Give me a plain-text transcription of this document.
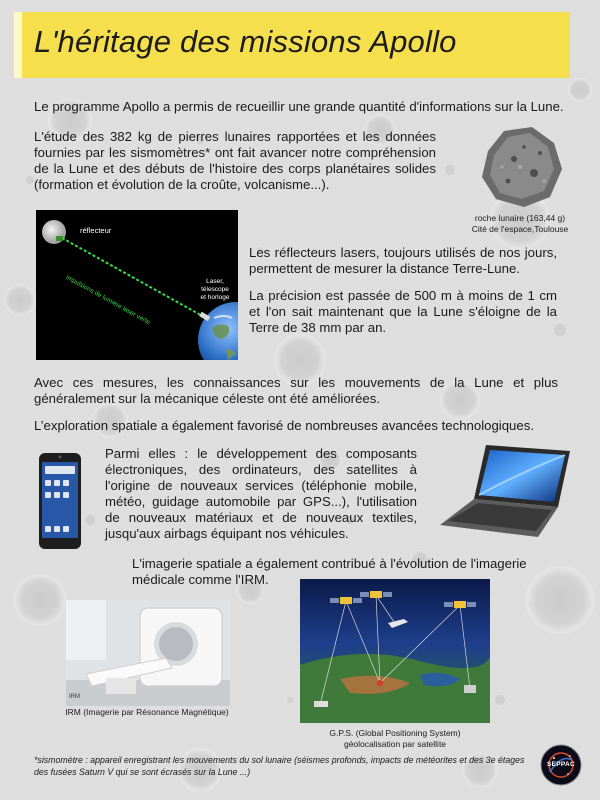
L'héritage des missions Apollo

Le programme Apollo a permis de recueillir une grande quantité d'informations sur la Lune.

L'étude des 382 kg de pierres lunaires rapportées et les données fournies par les sismomètres* ont fait avancer notre compréhension de la Lune et des débuts de l'histoire des corps planétaires solides (formation et évolution de la croûte, volcanisme...).

roche lunaire (163,44 g)
Cité de l'espace,Toulouse
réflecteur
impulsions de lumière laser verte	Laser,
télescope
et horloge

Les réflecteurs lasers, toujours utilisés de nos jours, permettent de mesurer la distance Terre-Lune.

La précision est passée de 500 m à moins de 1 cm et l'on sait maintenant que la Lune s'éloigne de la Terre de 38 mm par an.

Avec ces mesures, les connaissances sur les mouvements de la Lune et plus généralement sur la mécanique céleste ont été améliorées.

L’exploration spatiale a également favorisé de nombreuses avancées technologiques.

Parmi elles : le développement des composants électroniques, des ordinateurs, des satellites à l'origine de nouveaux services (téléphonie mobile, météo, guidage automobile par GPS...), l'utilisation de nouveaux matériaux et de nouveaux textiles, jusqu'aux airbags équipant nos véhicules.

L'imagerie spatiale a également contribué à l'évolution de l'imagerie médicale comme l'IRM.

IRM
IRM (Imagerie par Résonance Magnétique)
G.P.S. (Global Positioning System)
géolocalisation par satellite

*sismomètre : appareil enregistrant les mouvements du sol lunaire (séismes profonds, impacts de météorites et des 3e étages des fusées Saturn V qui se sont écrasés sur la Lune ...)

SEPPAC
